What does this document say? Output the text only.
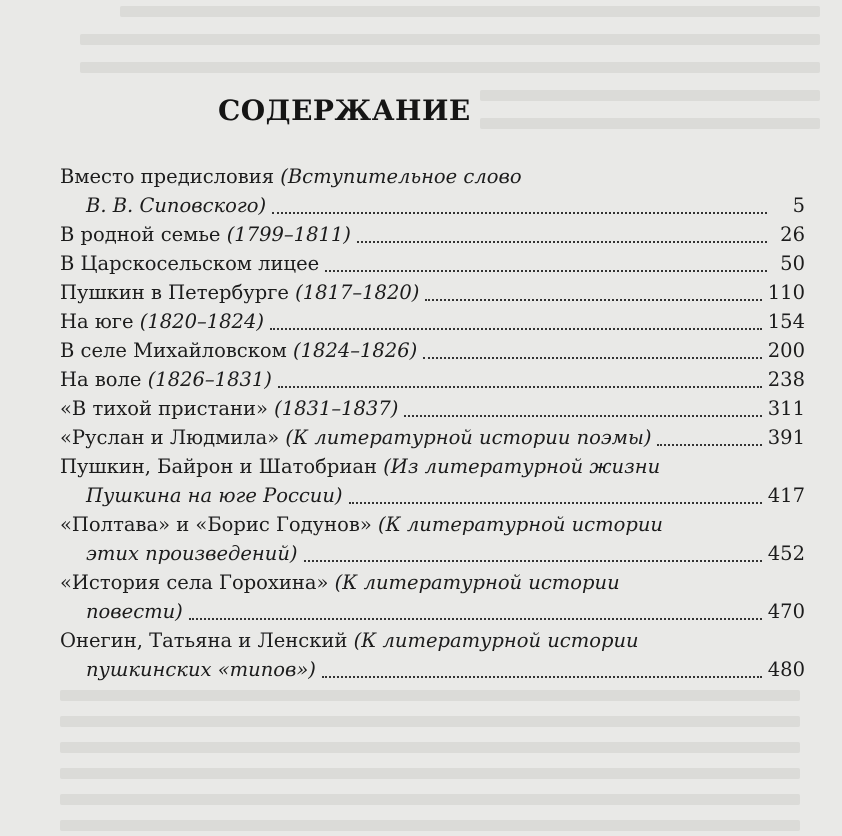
СОДЕРЖАНИЕ
Вместо предисловия (Вступительное слово
В. В. Сиповского)	5
В родной семье (1799–1811)	26
В Царскосельском лицее	50
Пушкин в Петербурге (1817–1820)	110
На юге (1820–1824)	154
В селе Михайловском (1824–1826)	200
На воле (1826–1831)	238
«В тихой пристани» (1831–1837)	311
«Руслан и Людмила» (К литературной истории поэмы)	391
Пушкин, Байрон и Шатобриан (Из литературной жизни
Пушкина на юге России)	417
«Полтава» и «Борис Годунов» (К литературной истории
этих произведений)	452
«История села Горохина» (К литературной истории
повести)	470
Онегин, Татьяна и Ленский (К литературной истории
пушкинских «типов»)	480
